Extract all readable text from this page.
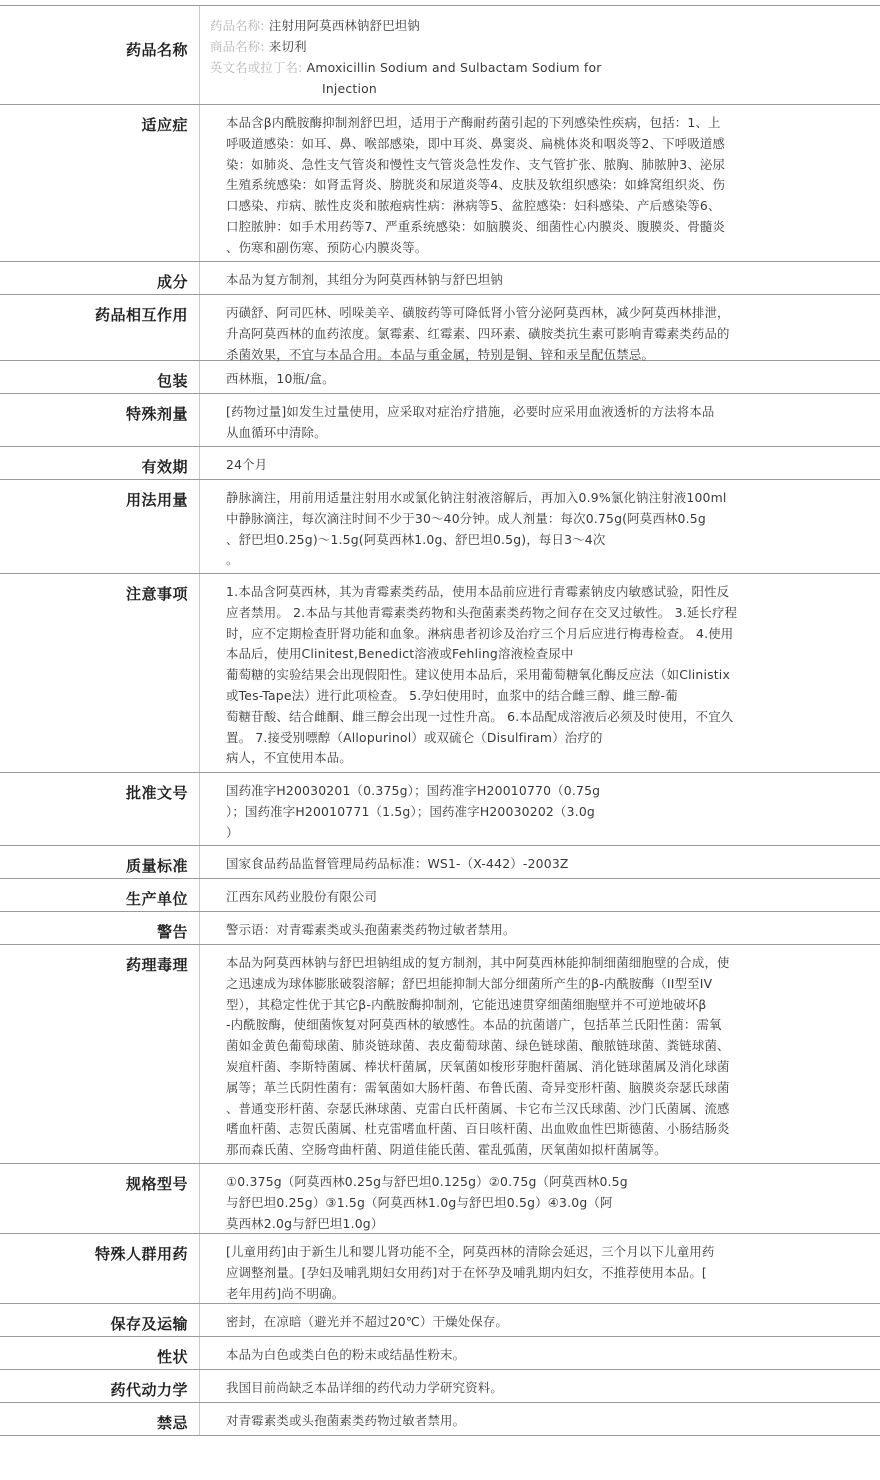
药品名称
药品名称: 注射用阿莫西林钠舒巴坦钠
商品名称: 来切利
英文名或拉丁名: Amoxicillin Sodium and Sulbactam Sodium for
Injection
适应症	本品含β内酰胺酶抑制剂舒巴坦，适用于产酶耐药菌引起的下列感染性疾病，包括：1、上
呼吸道感染：如耳、鼻、喉部感染，即中耳炎、鼻窦炎、扁桃体炎和咽炎等2、下呼吸道感
染：如肺炎、急性支气管炎和慢性支气管炎急性发作、支气管扩张、脓胸、肺脓肿3、泌尿
生殖系统感染：如肾盂肾炎、膀胱炎和尿道炎等4、皮肤及软组织感染：如蜂窝组织炎、伤
口感染、疖病、脓性皮炎和脓疱病性病：淋病等5、盆腔感染：妇科感染、产后感染等6、
口腔脓肿：如手术用药等7、严重系统感染：如脑膜炎、细菌性心内膜炎、腹膜炎、骨髓炎
、伤寒和副伤寒、预防心内膜炎等。
成分	本品为复方制剂，其组分为阿莫西林钠与舒巴坦钠
药品相互作用	丙磺舒、阿司匹林、吲哚美辛、磺胺药等可降低肾小管分泌阿莫西林，减少阿莫西林排泄，
升高阿莫西林的血药浓度。氯霉素、红霉素、四环素、磺胺类抗生素可影响青霉素类药品的
杀菌效果，不宜与本品合用。本品与重金属，特别是铜、锌和汞呈配伍禁忌。
包装	西林瓶，10瓶/盒。
特殊剂量	[药物过量]如发生过量使用，应采取对症治疗措施，必要时应采用血液透析的方法将本品
从血循环中清除。
有效期	24个月
用法用量	静脉滴注，用前用适量注射用水或氯化钠注射液溶解后，再加入0.9%氯化钠注射液100ml
中静脉滴注，每次滴注时间不少于30～40分钟。成人剂量：每次0.75g(阿莫西林0.5g
、舒巴坦0.25g)～1.5g(阿莫西林1.0g、舒巴坦0.5g)，每日3～4次
。
注意事项	1.本品含阿莫西林，其为青霉素类药品，使用本品前应进行青霉素钠皮内敏感试验，阳性反
应者禁用。 2.本品与其他青霉素类药物和头孢菌素类药物之间存在交叉过敏性。 3.延长疗程
时，应不定期检查肝肾功能和血象。淋病患者初诊及治疗三个月后应进行梅毒检查。 4.使用
本品后，使用Clinitest,Benedict溶液或Fehling溶液检查尿中
葡萄糖的实验结果会出现假阳性。建议使用本品后，采用葡萄糖氧化酶反应法（如Clinistix
或Tes-Tape法）进行此项检查。 5.孕妇使用时，血浆中的结合雌三醇、雌三醇-葡
萄糖苷酸、结合雌酮、雌三醇会出现一过性升高。 6.本品配成溶液后必须及时使用，不宜久
置。 7.接受别嘌醇（Allopurinol）或双硫仑（Disulfiram）治疗的
病人，不宜使用本品。
批准文号	国药准字H20030201（0.375g）；国药准字H20010770（0.75g
）；国药准字H20010771（1.5g）；国药准字H20030202（3.0g
）
质量标准	国家食品药品监督管理局药品标准：WS1-（X-442）-2003Z
生产单位	江西东风药业股份有限公司
警告	警示语：对青霉素类或头孢菌素类药物过敏者禁用。
药理毒理	本品为阿莫西林钠与舒巴坦钠组成的复方制剂，其中阿莫西林能抑制细菌细胞壁的合成，使
之迅速成为球体膨胀破裂溶解；舒巴坦能抑制大部分细菌所产生的β-内酰胺酶（II型至IV
型），其稳定性优于其它β-内酰胺酶抑制剂，它能迅速贯穿细菌细胞壁并不可逆地破坏β
-内酰胺酶，使细菌恢复对阿莫西林的敏感性。本品的抗菌谱广，包括革兰氏阳性菌：需氧
菌如金黄色葡萄球菌、肺炎链球菌、表皮葡萄球菌、绿色链球菌、酿脓链球菌、粪链球菌、
炭疽杆菌、李斯特菌属、棒状杆菌属，厌氧菌如梭形芽胞杆菌属、消化链球菌属及消化球菌
属等；革兰氏阴性菌有：需氧菌如大肠杆菌、布鲁氏菌、奇异变形杆菌、脑膜炎奈瑟氏球菌
、普通变形杆菌、奈瑟氏淋球菌、克雷白氏杆菌属、卡它布兰汉氏球菌、沙门氏菌属、流感
嗜血杆菌、志贺氏菌属、杜克雷嗜血杆菌、百日咳杆菌、出血败血性巴斯德菌、小肠结肠炎
那而森氏菌、空肠弯曲杆菌、阴道佳能氏菌、霍乱弧菌，厌氧菌如拟杆菌属等。
规格型号	①0.375g（阿莫西林0.25g与舒巴坦0.125g）②0.75g（阿莫西林0.5g
与舒巴坦0.25g）③1.5g（阿莫西林1.0g与舒巴坦0.5g）④3.0g（阿
莫西林2.0g与舒巴坦1.0g）
特殊人群用药	[儿童用药]由于新生儿和婴儿肾功能不全，阿莫西林的清除会延迟，三个月以下儿童用药
应调整剂量。[孕妇及哺乳期妇女用药]对于在怀孕及哺乳期内妇女，不推荐使用本品。[
老年用药]尚不明确。
保存及运输	密封，在凉暗（避光并不超过20℃）干燥处保存。
性状	本品为白色或类白色的粉末或结晶性粉末。
药代动力学	我国目前尚缺乏本品详细的药代动力学研究资料。
禁忌	对青霉素类或头孢菌素类药物过敏者禁用。
